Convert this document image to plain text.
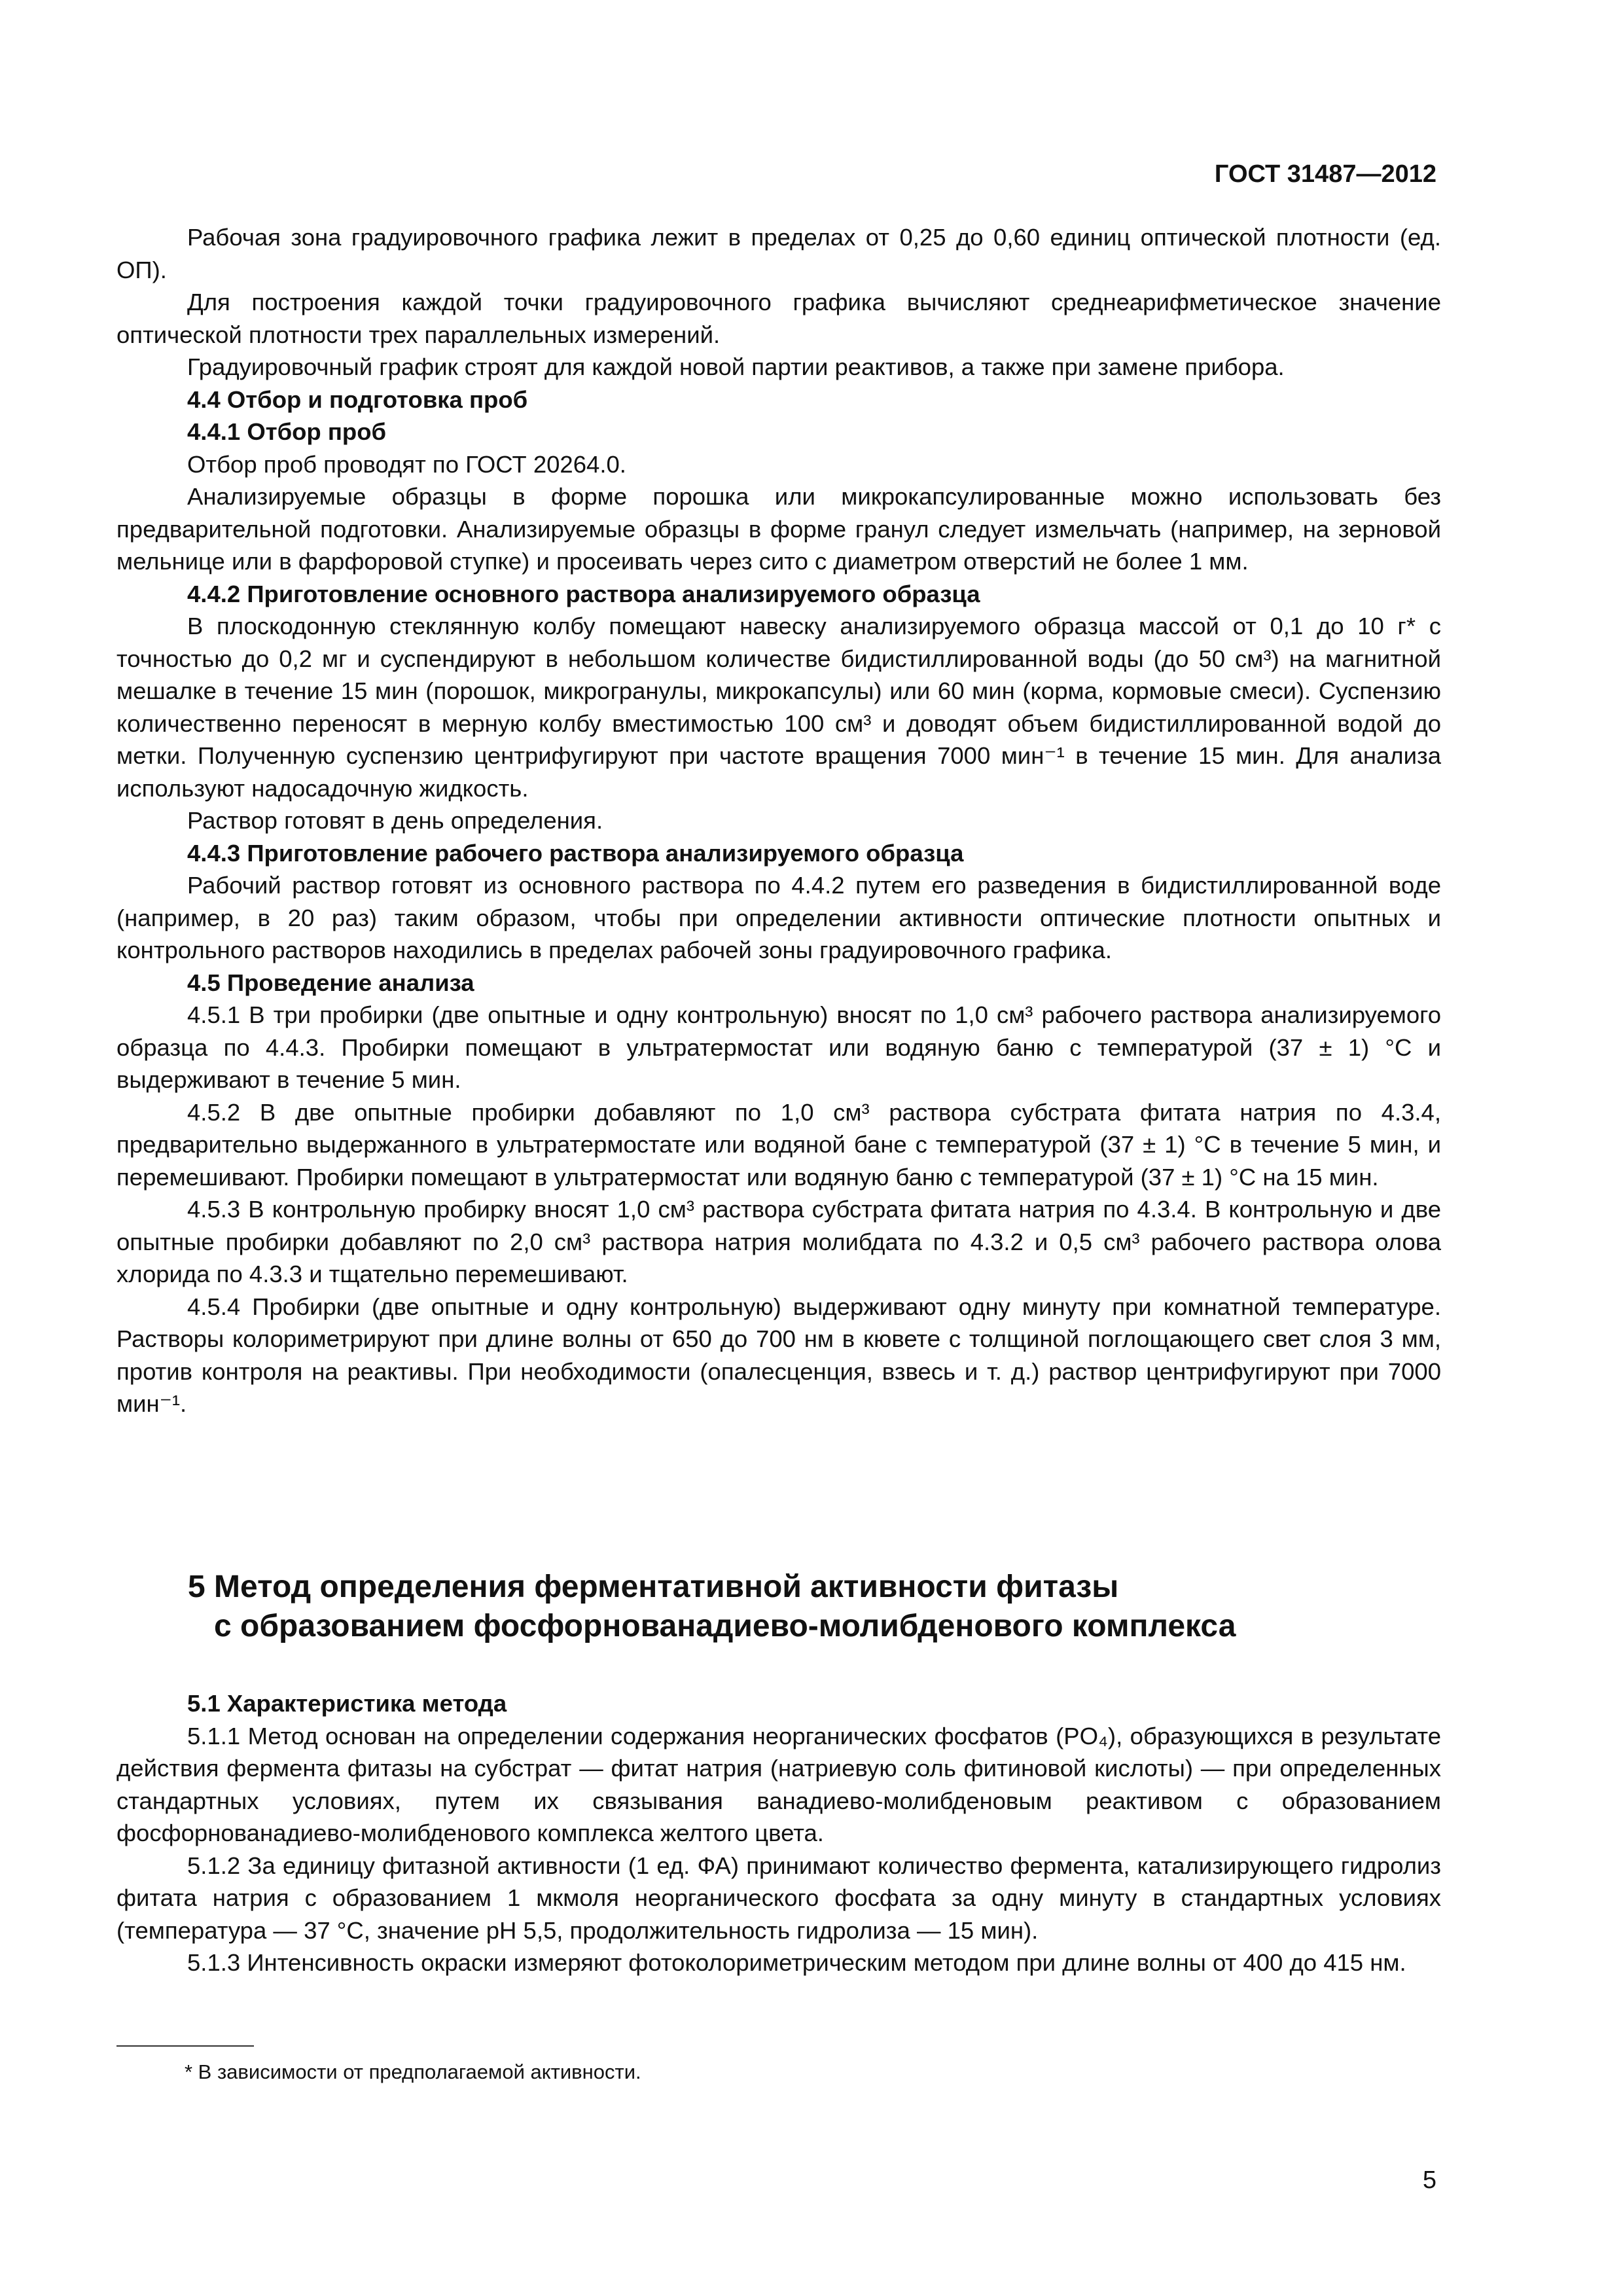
ГОСТ 31487—2012

Рабочая зона градуировочного графика лежит в пределах от 0,25 до 0,60 единиц оптической плотности (ед. ОП).

Для построения каждой точки градуировочного графика вычисляют среднеарифметическое значение оптической плотности трех параллельных измерений.

Градуировочный график строят для каждой новой партии реактивов, а также при замене прибора.

4.4 Отбор и подготовка проб

4.4.1 Отбор проб

Отбор проб проводят по ГОСТ 20264.0.

Анализируемые образцы в форме порошка или микрокапсулированные можно использовать без предварительной подготовки. Анализируемые образцы в форме гранул следует измельчать (например, на зерновой мельнице или в фарфоровой ступке) и просеивать через сито с диаметром отверстий не более 1 мм.

4.4.2 Приготовление основного раствора анализируемого образца

В плоскодонную стеклянную колбу помещают навеску анализируемого образца массой от 0,1 до 10 г* с точностью до 0,2 мг и суспендируют в небольшом количестве бидистиллированной воды (до 50 см³) на магнитной мешалке в течение 15 мин (порошок, микрогранулы, микрокапсулы) или 60 мин (корма, кормовые смеси). Суспензию количественно переносят в мерную колбу вместимостью 100 см³ и доводят объем бидистиллированной водой до метки. Полученную суспензию центрифугируют при частоте вращения 7000 мин⁻¹ в течение 15 мин. Для анализа используют надосадочную жидкость.

Раствор готовят в день определения.

4.4.3 Приготовление рабочего раствора анализируемого образца

Рабочий раствор готовят из основного раствора по 4.4.2 путем его разведения в бидистиллированной воде (например, в 20 раз) таким образом, чтобы при определении активности оптические плотности опытных и контрольного растворов находились в пределах рабочей зоны градуировочного графика.

4.5 Проведение анализа

4.5.1 В три пробирки (две опытные и одну контрольную) вносят по 1,0 см³ рабочего раствора анализируемого образца по 4.4.3. Пробирки помещают в ультратермостат или водяную баню с температурой (37 ± 1) °С и выдерживают в течение 5 мин.

4.5.2 В две опытные пробирки добавляют по 1,0 см³ раствора субстрата фитата натрия по 4.3.4, предварительно выдержанного в ультратермостате или водяной бане с температурой (37 ± 1) °С в течение 5 мин, и перемешивают. Пробирки помещают в ультратермостат или водяную баню с температурой (37 ± 1) °С на 15 мин.

4.5.3 В контрольную пробирку вносят 1,0 см³ раствора субстрата фитата натрия по 4.3.4. В контрольную и две опытные пробирки добавляют по 2,0 см³ раствора натрия молибдата по 4.3.2 и 0,5 см³ рабочего раствора олова хлорида по 4.3.3 и тщательно перемешивают.

4.5.4 Пробирки (две опытные и одну контрольную) выдерживают одну минуту при комнатной температуре. Растворы колориметрируют при длине волны от 650 до 700 нм в кювете с толщиной поглощающего свет слоя 3 мм, против контроля на реактивы. При необходимости (опалесценция, взвесь и т. д.) раствор центрифугируют при 7000 мин⁻¹.

5 Метод определения ферментативной активности фитазы
с образованием фосфорнованадиево-молибденового комплекса

5.1 Характеристика метода

5.1.1 Метод основан на определении содержания неорганических фосфатов (PO₄), образующихся в результате действия фермента фитазы на субстрат — фитат натрия (натриевую соль фитиновой кислоты) — при определенных стандартных условиях, путем их связывания ванадиево-молибденовым реактивом с образованием фосфорнованадиево-молибденового комплекса желтого цвета.

5.1.2 За единицу фитазной активности (1 ед. ФА) принимают количество фермента, катализирующего гидролиз фитата натрия с образованием 1 мкмоля неорганического фосфата за одну минуту в стандартных условиях (температура — 37 °С, значение рН 5,5, продолжительность гидролиза — 15 мин).

5.1.3 Интенсивность окраски измеряют фотоколориметрическим методом при длине волны от 400 до 415 нм.

* В зависимости от предполагаемой активности.
5
